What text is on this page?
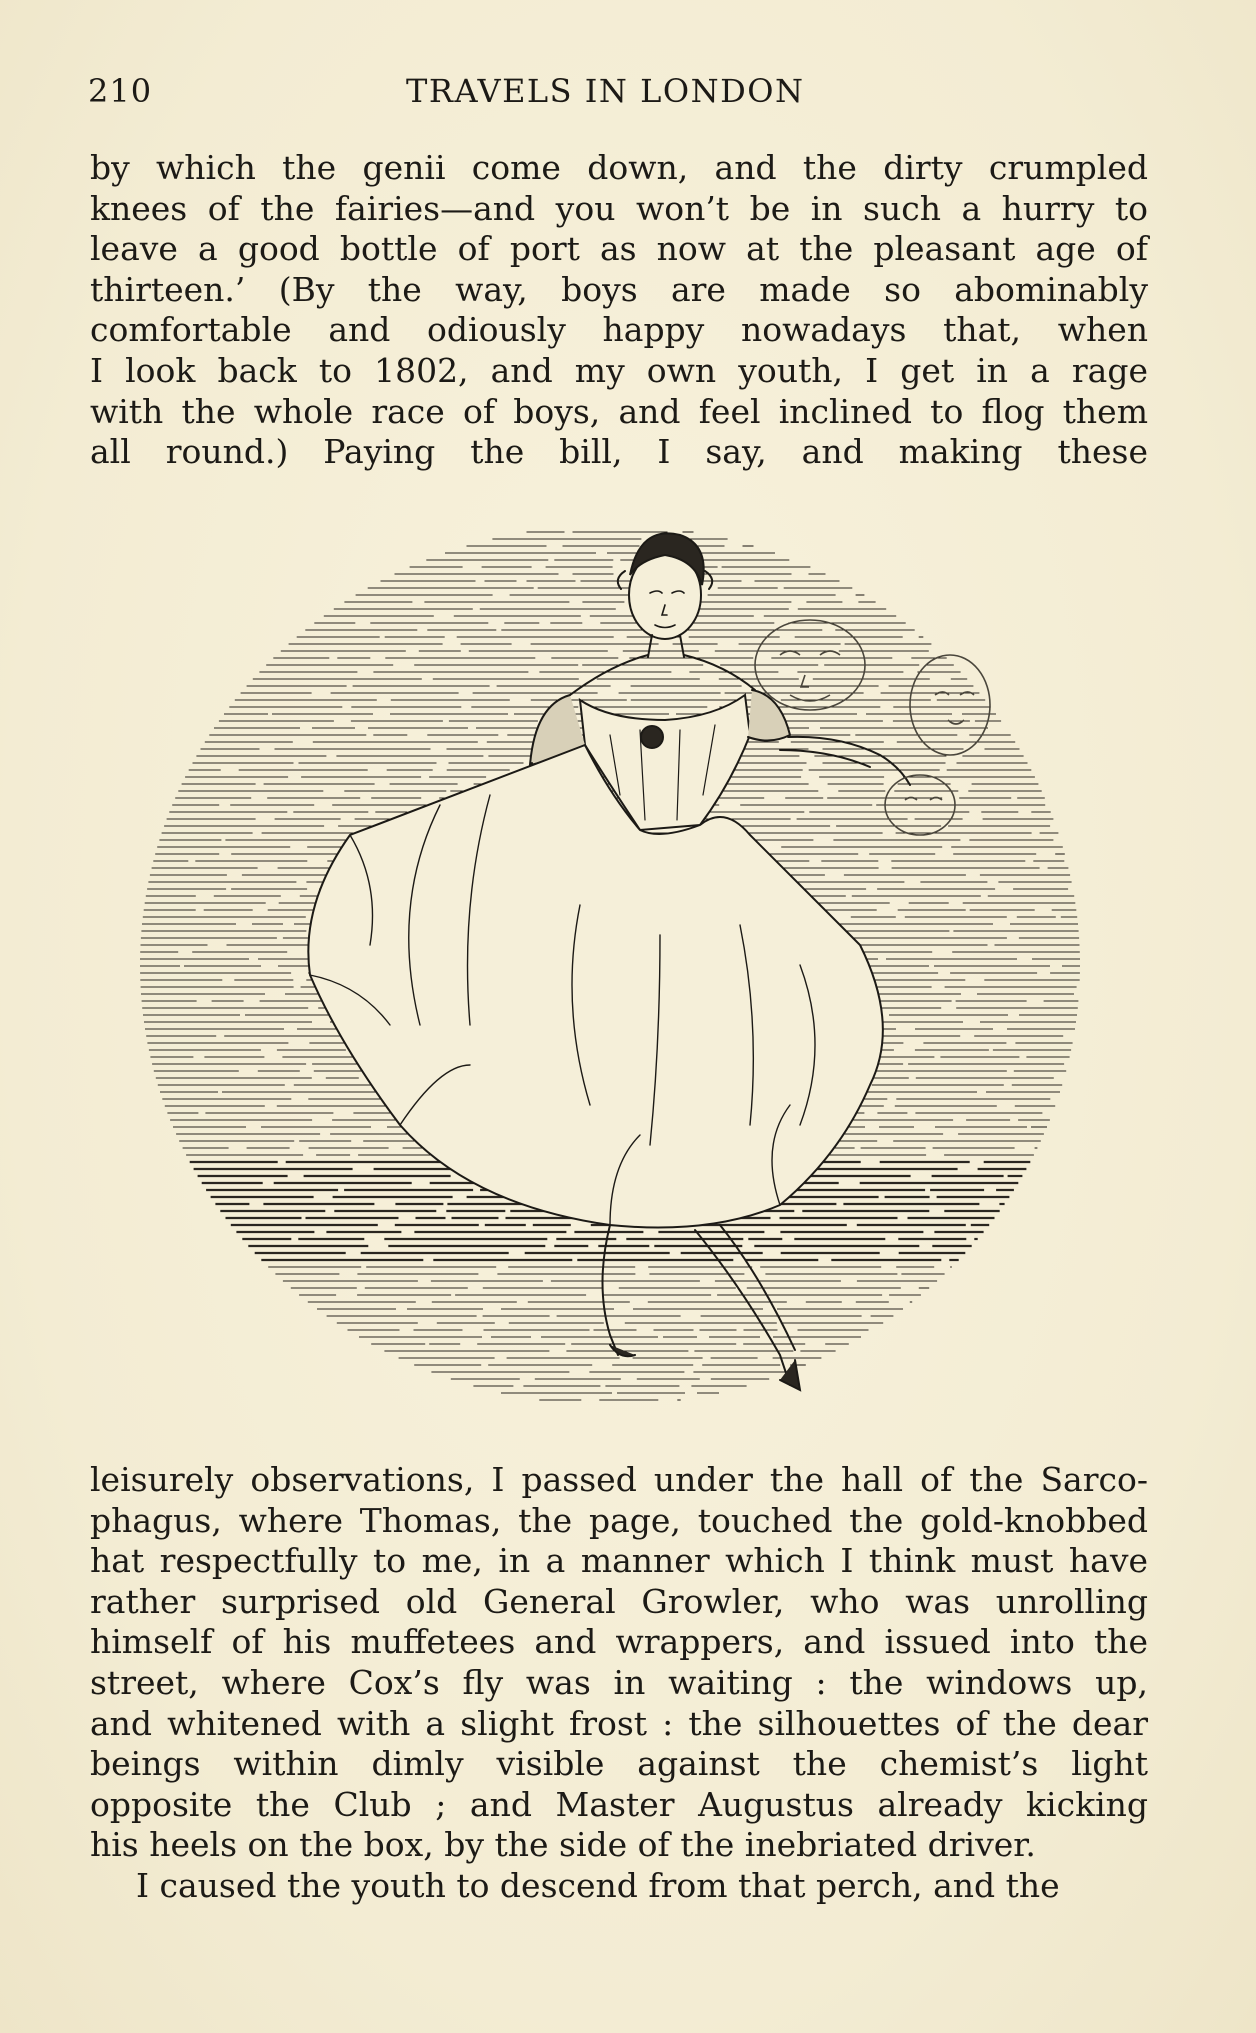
210	TRAVELS IN LONDON
by which the genii come down, and the dirty crumpled
knees of the fairies—and you won’t be in such a hurry to
leave a good bottle of port as now at the pleasant age of
thirteen.’ (By the way, boys are made so abominably
comfortable and odiously happy nowadays that, when
I look back to 1802, and my own youth, I get in a rage
with the whole race of boys, and feel inclined to flog them
all round.) Paying the bill, I say, and making these
leisurely observations, I passed under the hall of the Sarco-
phagus, where Thomas, the page, touched the gold-knobbed
hat respectfully to me, in a manner which I think must have
rather surprised old General Growler, who was unrolling
himself of his muffetees and wrappers, and issued into the
street, where Cox’s fly was in waiting : the windows up,
and whitened with a slight frost : the silhouettes of the dear
beings within dimly visible against the chemist’s light
opposite the Club ; and Master Augustus already kicking
his heels on the box, by the side of the inebriated driver.
I caused the youth to descend from that perch, and the
